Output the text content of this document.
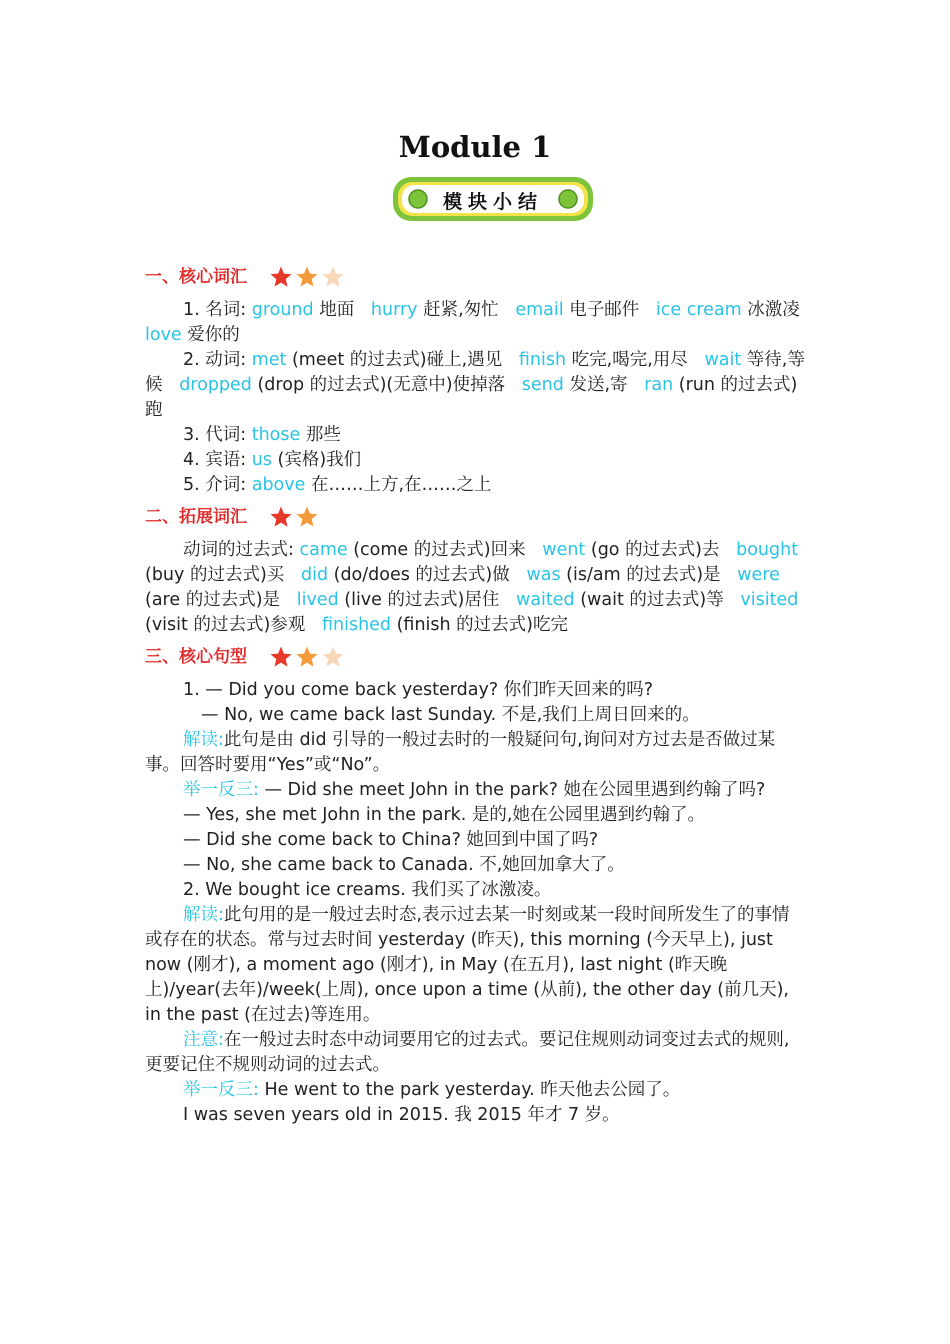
Module 1
模块小结
一、核心词汇

1. 名词: ground 地面   hurry 赶紧,匆忙   email 电子邮件   ice cream 冰激凌

love 爱你的

2. 动词: met (meet 的过去式)碰上,遇见   finish 吃完,喝完,用尽   wait 等待,等候   dropped (drop 的过去式)(无意中)使掉落   send 发送,寄   ran (run 的过去式)跑

3. 代词: those 那些

4. 宾语: us (宾格)我们

5. 介词: above 在……上方,在……之上

二、拓展词汇

动词的过去式: came (come 的过去式)回来   went (go 的过去式)去   bought (buy 的过去式)买   did (do/does 的过去式)做   was (is/am 的过去式)是   were (are 的过去式)是   lived (live 的过去式)居住   waited (wait 的过去式)等   visited (visit 的过去式)参观   finished (finish 的过去式)吃完

三、核心句型

1. — Did you come back yesterday? 你们昨天回来的吗?

— No, we came back last Sunday. 不是,我们上周日回来的。

解读:此句是由 did 引导的一般过去时的一般疑问句,询问对方过去是否做过某事。回答时要用“Yes”或“No”。

举一反三: — Did she meet John in the park? 她在公园里遇到约翰了吗?

— Yes, she met John in the park. 是的,她在公园里遇到约翰了。

— Did she come back to China? 她回到中国了吗?

— No, she came back to Canada. 不,她回加拿大了。

2. We bought ice creams. 我们买了冰激凌。

解读:此句用的是一般过去时态,表示过去某一时刻或某一段时间所发生了的事情或存在的状态。常与过去时间 yesterday (昨天), this morning (今天早上), just now (刚才), a moment ago (刚才), in May (在五月), last night (昨天晚上)/year(去年)/week(上周), once upon a time (从前), the other day (前几天), in the past (在过去)等连用。

注意:在一般过去时态中动词要用它的过去式。要记住规则动词变过去式的规则,更要记住不规则动词的过去式。

举一反三: He went to the park yesterday. 昨天他去公园了。

I was seven years old in 2015. 我 2015 年才 7 岁。
